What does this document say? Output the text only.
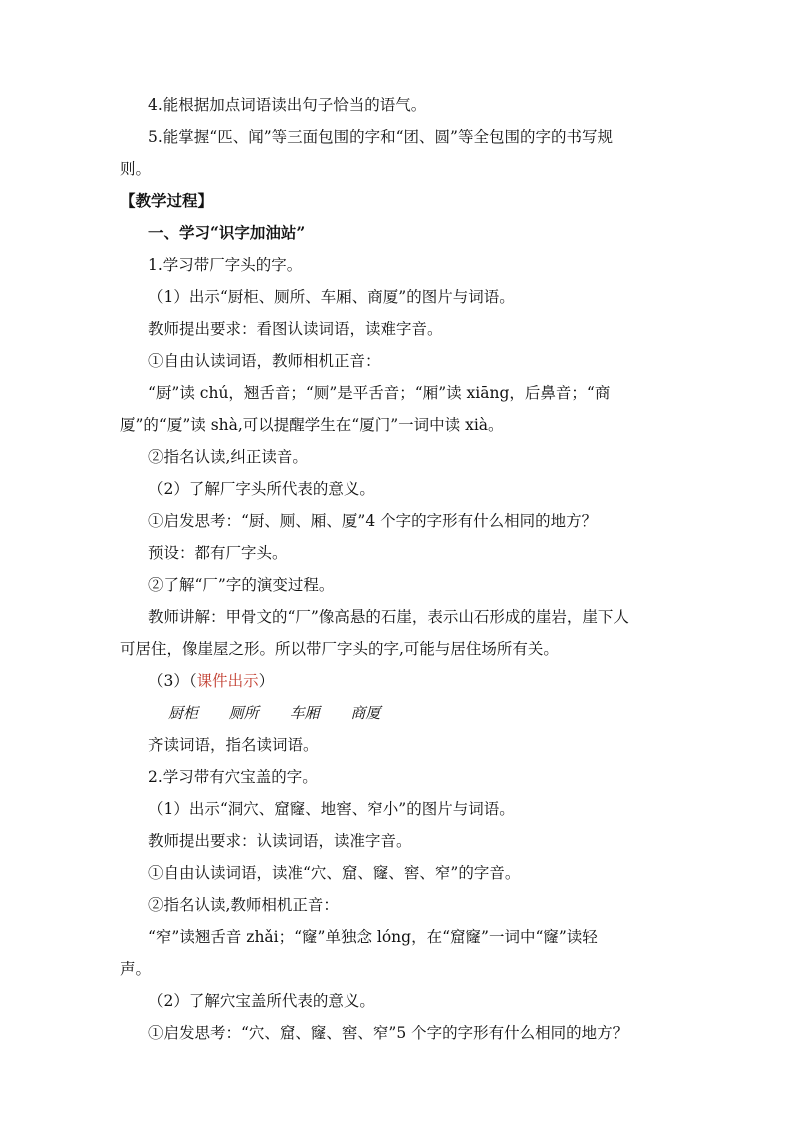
4.能根据加点词语读出句子恰当的语气。
5.能掌握“匹、闻”等三面包围的字和“团、圆”等全包围的字的书写规
则。
【教学过程】
一、学习“识字加油站”
1.学习带厂字头的字。
（1）出示“厨柜、厕所、车厢、商厦”的图片与词语。
教师提出要求：看图认读词语，读难字音。
①自由认读词语，教师相机正音：
“厨”读 chú，翘舌音；“厕”是平舌音；“厢”读 xiāng，后鼻音；“商
厦”的“厦”读 shà,可以提醒学生在“厦门”一词中读 xià。
②指名认读,纠正读音。
（2）了解厂字头所代表的意义。
①启发思考：“厨、厕、厢、厦”4 个字的字形有什么相同的地方？
预设：都有厂字头。
②了解“厂”字的演变过程。
教师讲解：甲骨文的“厂”像高悬的石崖，表示山石形成的崖岩，崖下人
可居住，像崖屋之形。所以带厂字头的字,可能与居住场所有关。
（3）（课件出示）
厨柜 厕所 车厢 商厦
齐读词语，指名读词语。
2.学习带有穴宝盖的字。
（1）出示“洞穴、窟窿、地窖、窄小”的图片与词语。
教师提出要求：认读词语，读准字音。
①自由认读词语，读准“穴、窟、窿、窖、窄”的字音。
②指名认读,教师相机正音：
“窄”读翘舌音 zhǎi；“窿”单独念 lóng，在“窟窿”一词中“窿”读轻
声。
（2）了解穴宝盖所代表的意义。
①启发思考：“穴、窟、窿、窖、窄”5 个字的字形有什么相同的地方？
